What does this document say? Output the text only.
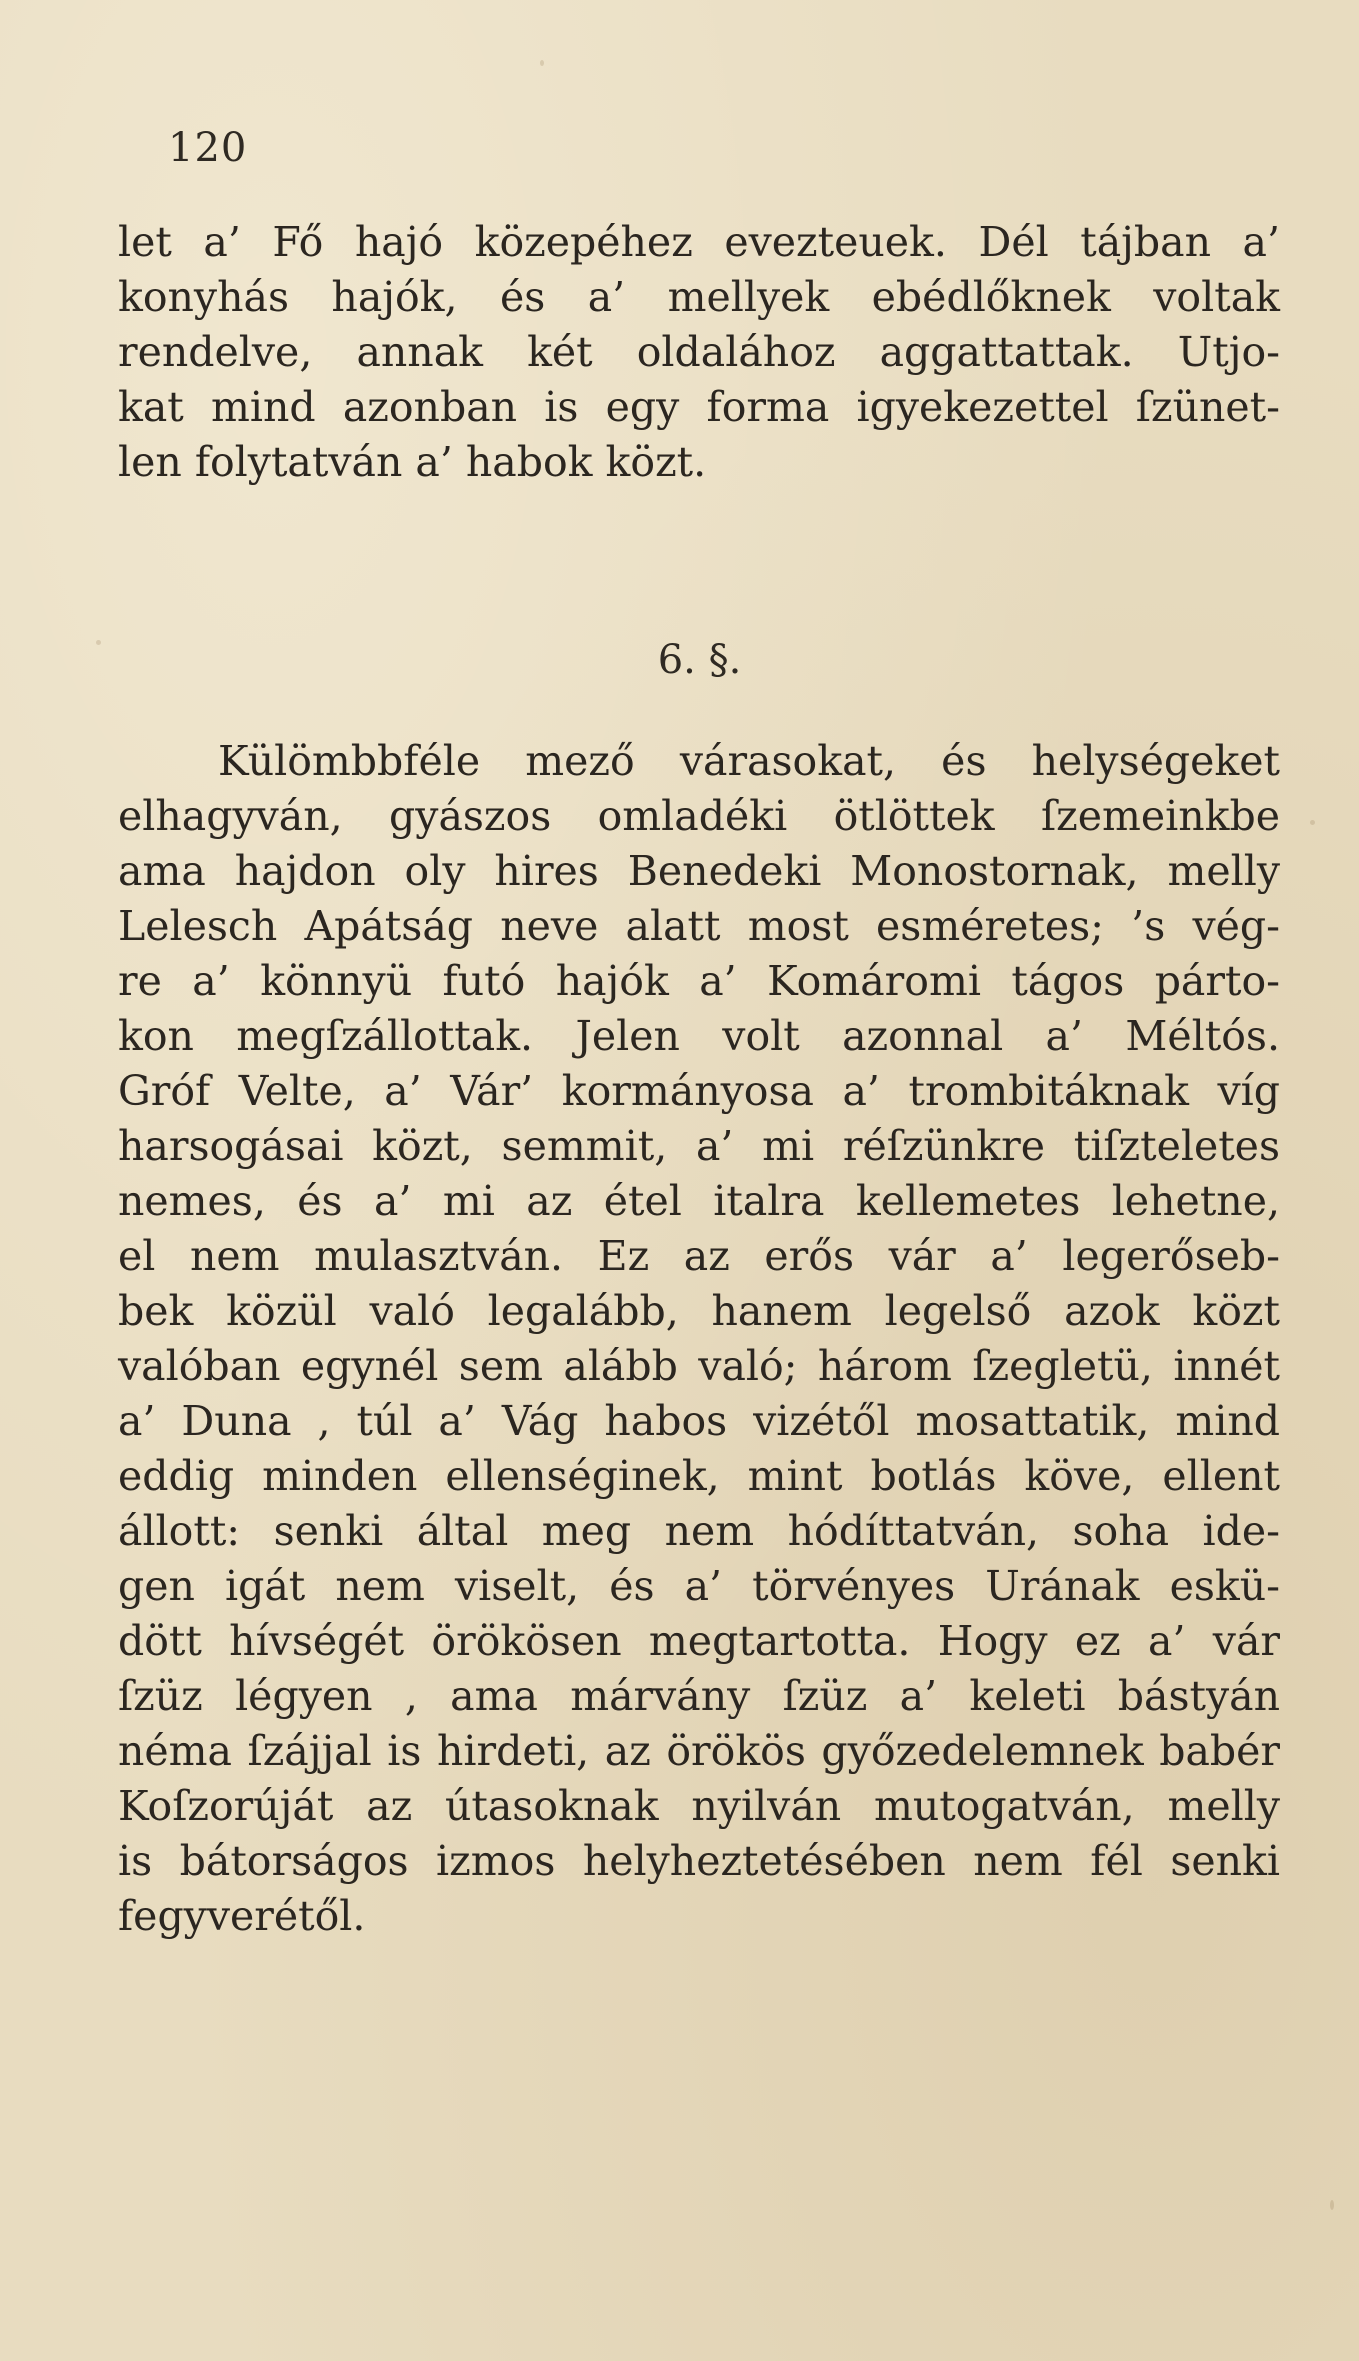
120
let a’ Fő hajó közepéhez evezteuek. Dél tájban a’
konyhás hajók, és a’ mellyek ebédlőknek voltak
rendelve, annak két oldalához aggattattak. Utjo-
kat mind azonban is egy forma igyekezettel ſzünet-
len folytatván a’ habok közt.
6. §.
Külömbbféle mező várasokat, és helységeket
elhagyván, gyászos omladéki ötlöttek ſzemeinkbe
ama hajdon oly hires Benedeki Monostornak, melly
Lelesch Apátság neve alatt most esméretes; ’s vég-
re a’ könnyü futó hajók a’ Komáromi tágos párto-
kon megſzállottak. Jelen volt azonnal a’ Méltós.
Gróf Velte, a’ Vár’ kormányosa a’ trombitáknak víg
harsogásai közt, semmit, a’ mi réſzünkre tiſzteletes
nemes, és a’ mi az étel italra kellemetes lehetne,
el nem mulasztván. Ez az erős vár a’ legerőseb-
bek közül való legalább, hanem legelső azok közt
valóban egynél sem alább való; három ſzegletü, innét
a’ Duna , túl a’ Vág habos vizétől mosattatik, mind
eddig minden ellenséginek, mint botlás köve, ellent
állott: senki által meg nem hódíttatván, soha ide-
gen igát nem viselt, és a’ törvényes Urának eskü-
dött hívségét örökösen megtartotta. Hogy ez a’ vár
ſzüz légyen , ama márvány ſzüz a’ keleti bástyán
néma ſzájjal is hirdeti, az örökös győzedelemnek babér
Koſzorúját az útasoknak nyilván mutogatván, melly
is bátorságos izmos helyheztetésében nem fél senki
fegyverétől.
